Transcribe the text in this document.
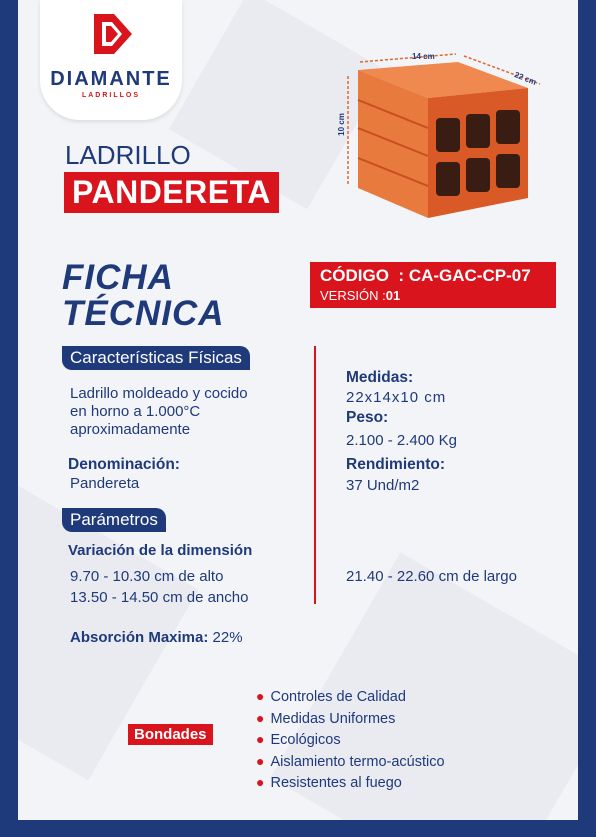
DIAMANTE
LADRILLOS
14 cm
22 cm
10 cm
LADRILLO
PANDERETA
FICHA
TÉCNICA
CÓDIGO : CA-GAC-CP-07
VERSIÓN :01
Características Físicas
Ladrillo moldeado y cocido
en horno a 1.000°C
aproximadamente
Denominación:
Pandereta
Medidas:
22x14x10 cm
Peso:
2.100 - 2.400 Kg
Rendimiento:
37 Und/m2
Parámetros
Variación de la dimensión
9.70 - 10.30 cm de alto
13.50 - 14.50 cm de ancho
21.40 - 22.60 cm de largo
Absorción Maxima: 22%
Bondades
● Controles de Calidad
● Medidas Uniformes
● Ecológicos
● Aislamiento termo-acústico
● Resistentes al fuego
